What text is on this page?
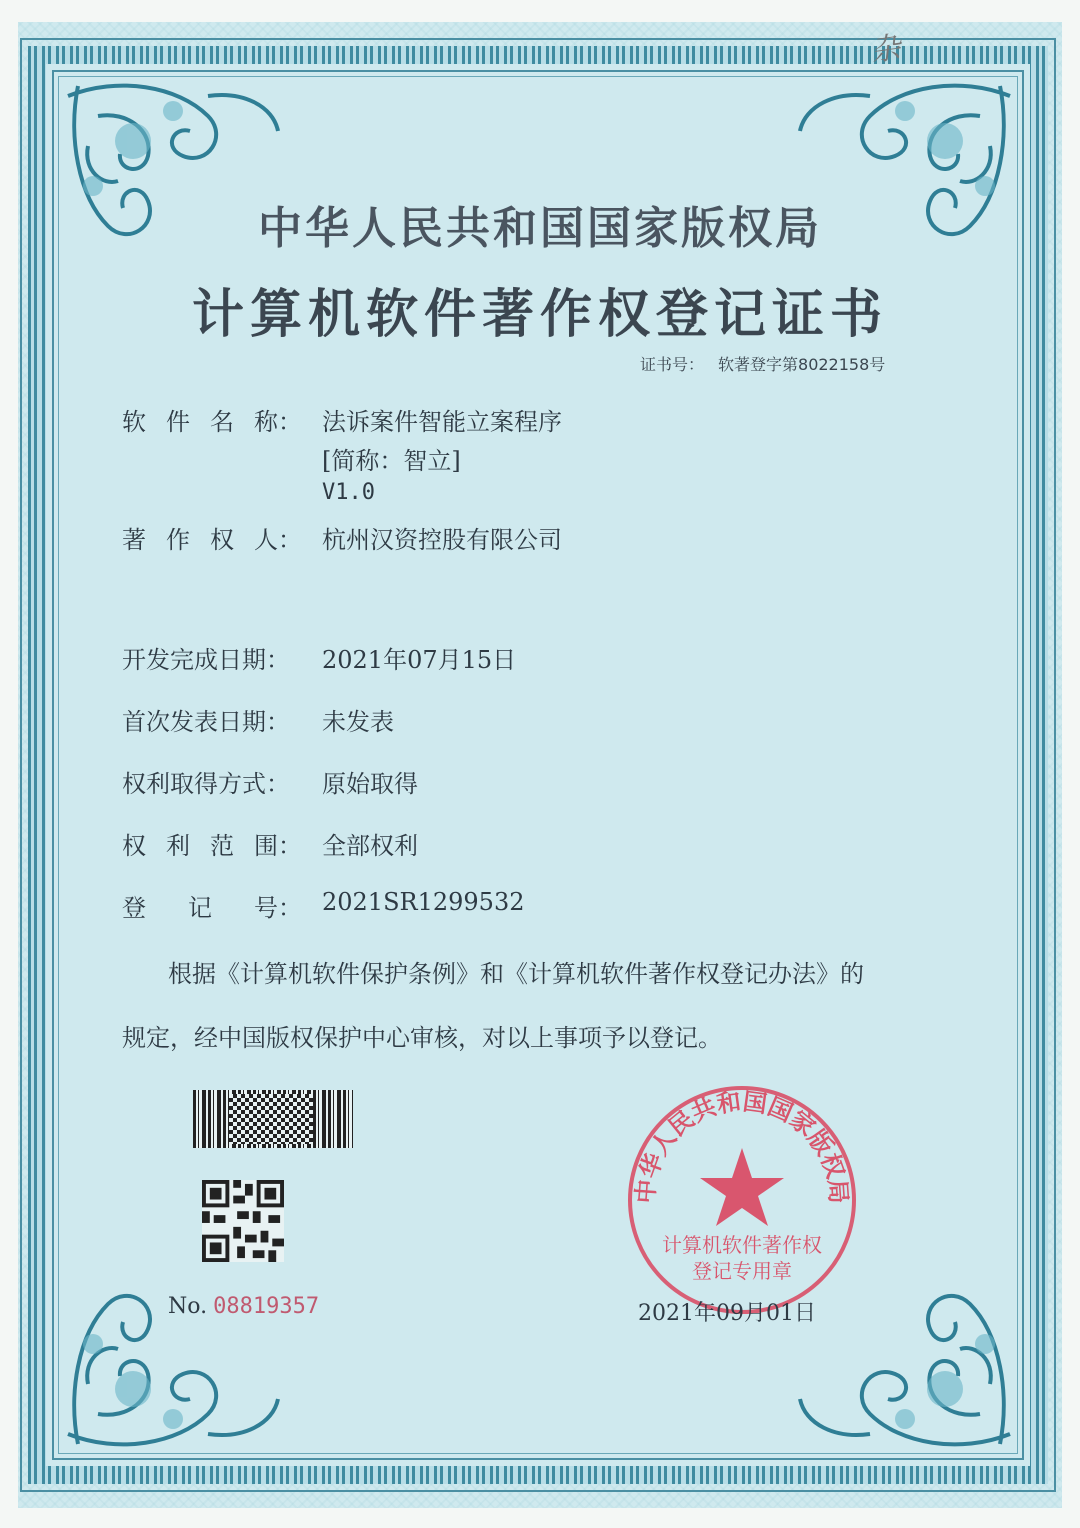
杂
中华人民共和国国家版权局
计算机软件著作权登记证书
证书号： 软著登字第8022158号
软 件 名 称： 法诉案件智能立案程序
[简称：智立]
V1.0
著 作 权 人： 杭州汉资控股有限公司
开发完成日期：	2021年07月15日
首次发表日期：	未发表
权利取得方式：	原始取得
权 利 范 围： 全部权利
登 记 号： 2021SR1299532
根据《计算机软件保护条例》和《计算机软件著作权登记办法》的
规定，经中国版权保护中心审核，对以上事项予以登记。
No. 08819357
中华人民共和国国家版权局
计算机软件著作权
登记专用章
2021年09月01日
